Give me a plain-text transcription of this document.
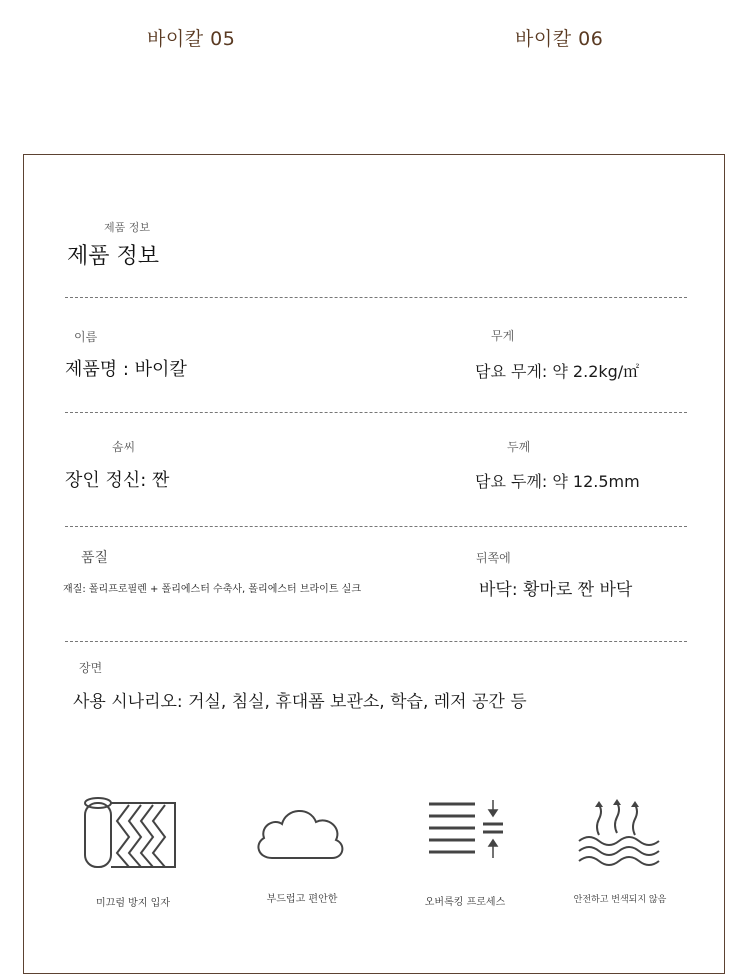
바이칼 05	바이칼 06
제품 정보
제품 정보
이름
제품명 : 바이칼
무게
담요 무게: 약 2.2kg/㎡
솜씨
장인 정신: 짠
두께
담요 두께: 약 12.5mm
품질
재질: 폴리프로필렌 + 폴리에스터 수축사, 폴리에스터 브라이트 실크
뒤쪽에
바닥: 황마로 짠 바닥
장면
사용 시나리오: 거실, 침실, 휴대폼 보관소, 학습, 레저 공간 등
미끄럼 방지 입자	부드럽고 편안한	오버록킹 프로세스	안전하고 번색되지 않음
